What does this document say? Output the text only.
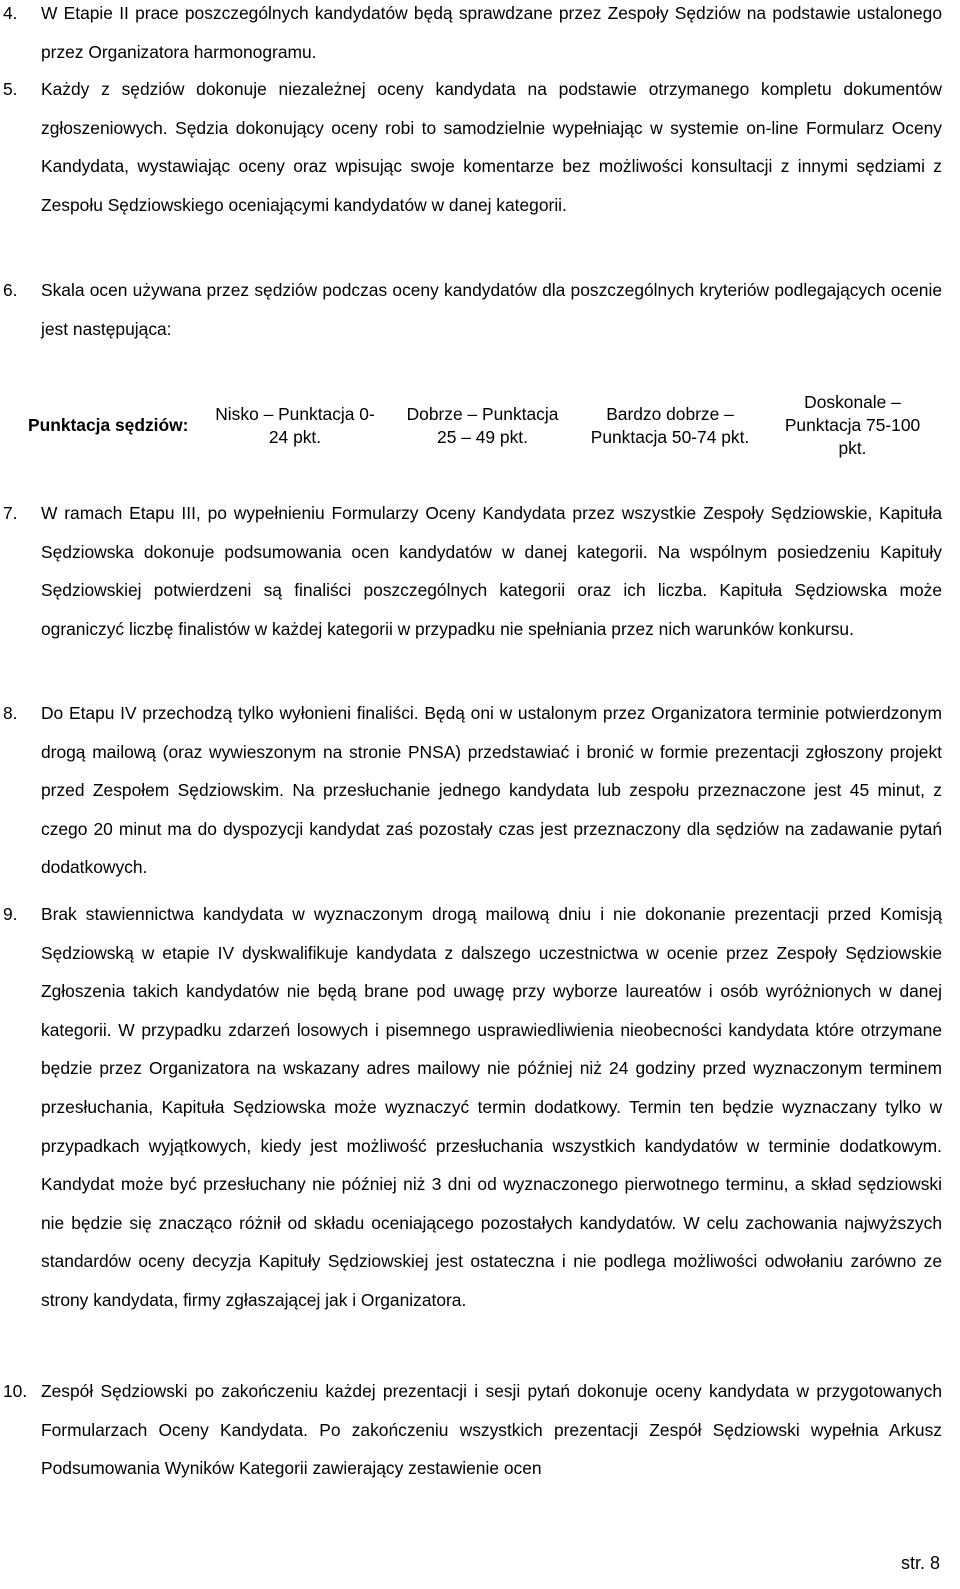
4. W Etapie II prace poszczególnych kandydatów będą sprawdzane przez Zespoły Sędziów na podstawie ustalonego przez Organizatora harmonogramu.
5. Każdy z sędziów dokonuje niezależnej oceny kandydata na podstawie otrzymanego kompletu dokumentów zgłoszeniowych. Sędzia dokonujący oceny robi to samodzielnie wypełniając w systemie on-line Formularz Oceny Kandydata, wystawiając oceny oraz wpisując swoje komentarze bez możliwości konsultacji z innymi sędziami z Zespołu Sędziowskiego oceniającymi kandydatów w danej kategorii.
6. Skala ocen używana przez sędziów podczas oceny kandydatów dla poszczególnych kryteriów podlegających ocenie jest następująca:
Punktacja sędziów:	Nisko – Punktacja 0-24 pkt.	Dobrze – Punktacja 25 – 49 pkt.	Bardzo dobrze – Punktacja 50-74 pkt.	Doskonale – Punktacja 75-100 pkt.
7. W ramach Etapu III, po wypełnieniu Formularzy Oceny Kandydata przez wszystkie Zespoły Sędziowskie, Kapituła Sędziowska dokonuje podsumowania ocen kandydatów w danej kategorii. Na wspólnym posiedzeniu Kapituły Sędziowskiej potwierdzeni są finaliści poszczególnych kategorii oraz ich liczba. Kapituła Sędziowska może ograniczyć liczbę finalistów w każdej kategorii w przypadku nie spełniania przez nich warunków konkursu.
8. Do Etapu IV przechodzą tylko wyłonieni finaliści. Będą oni w ustalonym przez Organizatora terminie potwierdzonym drogą mailową (oraz wywieszonym na stronie PNSA) przedstawiać i bronić w formie prezentacji zgłoszony projekt przed Zespołem Sędziowskim. Na przesłuchanie jednego kandydata lub zespołu przeznaczone jest 45 minut, z czego 20 minut ma do dyspozycji kandydat zaś pozostały czas jest przeznaczony dla sędziów na zadawanie pytań dodatkowych.
9. Brak stawiennictwa kandydata w wyznaczonym drogą mailową dniu i nie dokonanie prezentacji przed Komisją Sędziowską w etapie IV dyskwalifikuje kandydata z dalszego uczestnictwa w ocenie przez Zespoły Sędziowskie Zgłoszenia takich kandydatów nie będą brane pod uwagę przy wyborze laureatów i osób wyróżnionych w danej kategorii. W przypadku zdarzeń losowych i pisemnego usprawiedliwienia nieobecności kandydata które otrzymane będzie przez Organizatora na wskazany adres mailowy nie później niż 24 godziny przed wyznaczonym terminem przesłuchania, Kapituła Sędziowska może wyznaczyć termin dodatkowy. Termin ten będzie wyznaczany tylko w przypadkach wyjątkowych, kiedy jest możliwość przesłuchania wszystkich kandydatów w terminie dodatkowym. Kandydat może być przesłuchany nie później niż 3 dni od wyznaczonego pierwotnego terminu, a skład sędziowski nie będzie się znacząco różnił od składu oceniającego pozostałych kandydatów. W celu zachowania najwyższych standardów oceny decyzja Kapituły Sędziowskiej jest ostateczna i nie podlega możliwości odwołaniu zarówno ze strony kandydata, firmy zgłaszającej jak i Organizatora.
10. Zespół Sędziowski po zakończeniu każdej prezentacji i sesji pytań dokonuje oceny kandydata w przygotowanych Formularzach Oceny Kandydata. Po zakończeniu wszystkich prezentacji Zespół Sędziowski wypełnia Arkusz Podsumowania Wyników Kategorii zawierający zestawienie ocen
str. 8
